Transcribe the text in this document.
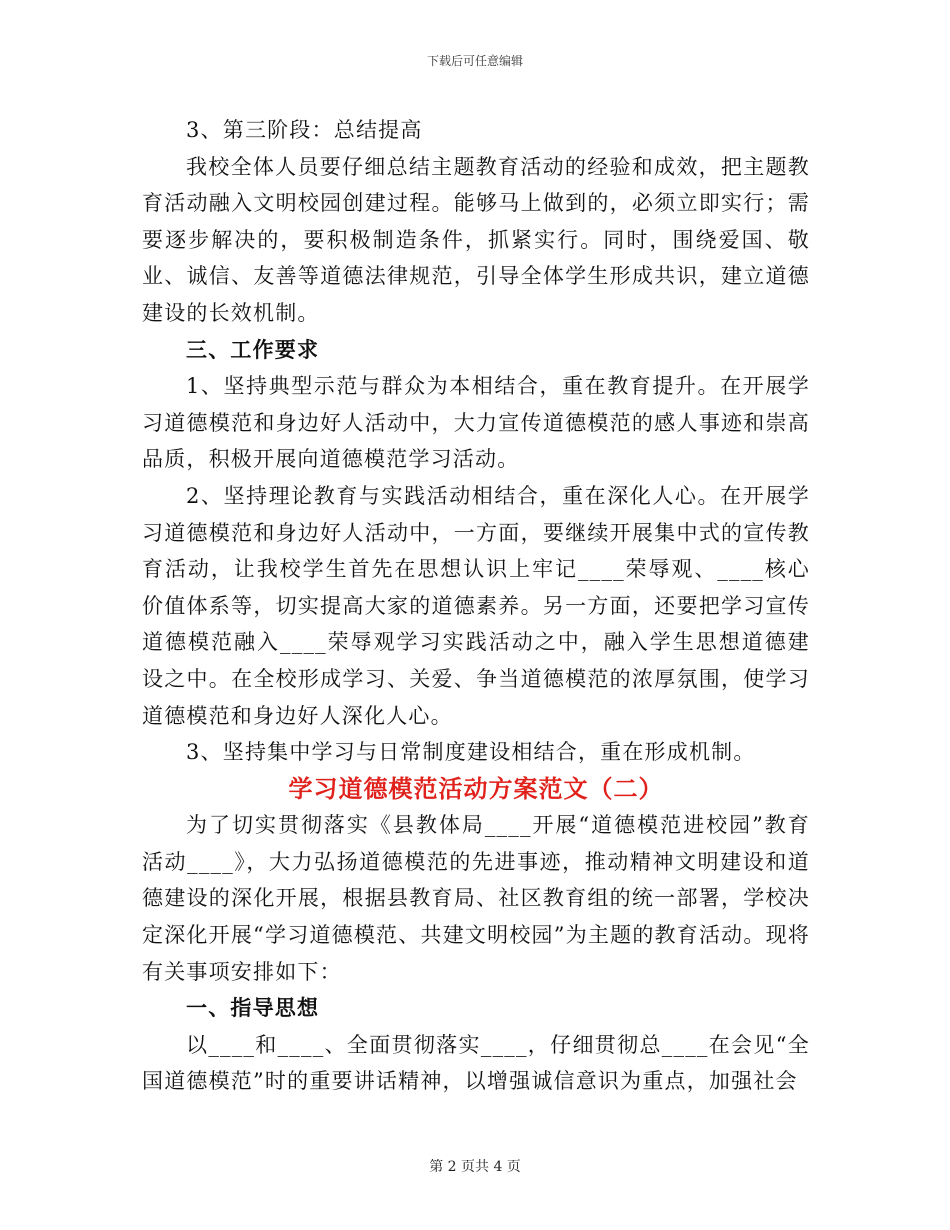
下载后可任意编辑

3、第三阶段：总结提高

我校全体人员要仔细总结主题教育活动的经验和成效，把主题教育活动融入文明校园创建过程。能够马上做到的，必须立即实行；需要逐步解决的，要积极制造条件，抓紧实行。同时，围绕爱国、敬业、诚信、友善等道德法律规范，引导全体学生形成共识，建立道德建设的长效机制。

三、工作要求

1、坚持典型示范与群众为本相结合，重在教育提升。在开展学习道德模范和身边好人活动中，大力宣传道德模范的感人事迹和崇高品质，积极开展向道德模范学习活动。

2、坚持理论教育与实践活动相结合，重在深化人心。在开展学习道德模范和身边好人活动中，一方面，要继续开展集中式的宣传教育活动，让我校学生首先在思想认识上牢记____荣辱观、____核心价值体系等，切实提高大家的道德素养。另一方面，还要把学习宣传道德模范融入____荣辱观学习实践活动之中，融入学生思想道德建设之中。在全校形成学习、关爱、争当道德模范的浓厚氛围，使学习道德模范和身边好人深化人心。

3、坚持集中学习与日常制度建设相结合，重在形成机制。

学习道德模范活动方案范文（二）

为了切实贯彻落实《县教体局____开展“道德模范进校园”教育活动____》，大力弘扬道德模范的先进事迹，推动精神文明建设和道德建设的深化开展，根据县教育局、社区教育组的统一部署，学校决定深化开展“学习道德模范、共建文明校园”为主题的教育活动。现将有关事项安排如下：

一、指导思想

以____和____、全面贯彻落实____，仔细贯彻总____在会见“全国道德模范”时的重要讲话精神，以增强诚信意识为重点，加强社会

第 2 页共 4 页
